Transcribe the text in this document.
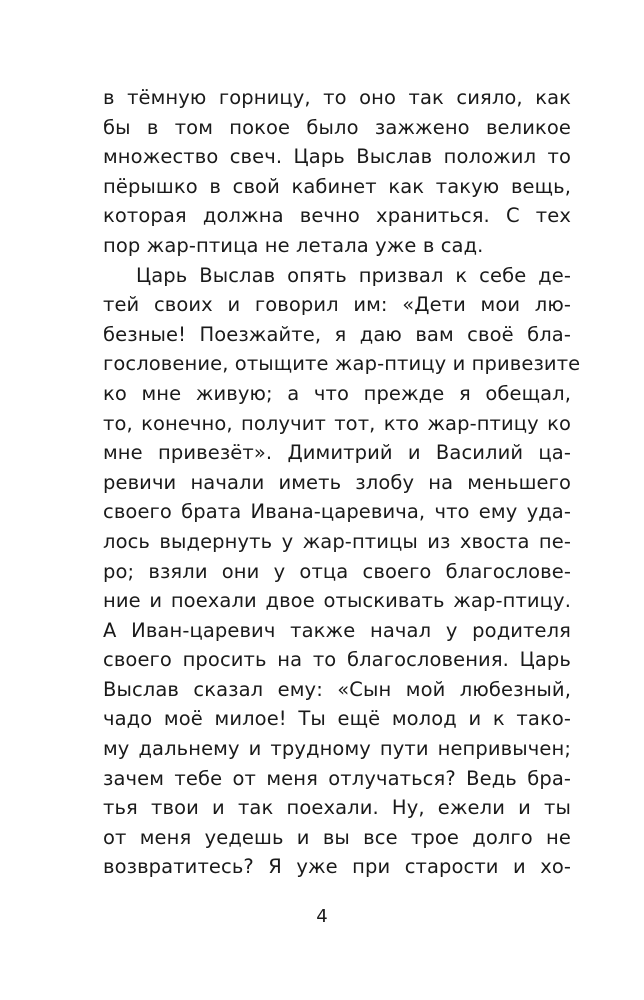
в тёмную горницу, то оно так сияло, как
бы в том покое было зажжено великое
множество свеч. Царь Выслав положил то
пёрышко в свой кабинет как такую вещь,
которая должна вечно храниться. С тех
пор жар-птица не летала уже в сад.
Царь Выслав опять призвал к себе де-
тей своих и говорил им: «Дети мои лю-
безные! Поезжайте, я даю вам своё бла-
гословение, отыщите жар-птицу и привезите
ко мне живую; а что прежде я обещал,
то, конечно, получит тот, кто жар-птицу ко
мне привезёт». Димитрий и Василий ца-
ревичи начали иметь злобу на меньшего
своего брата Ивана-царевича, что ему уда-
лось выдернуть у жар-птицы из хвоста пе-
ро; взяли они у отца своего благослове-
ние и поехали двое отыскивать жар-птицу.
А Иван-царевич также начал у родителя
своего просить на то благословения. Царь
Выслав сказал ему: «Сын мой любезный,
чадо моё милое! Ты ещё молод и к тако-
му дальнему и трудному пути непривычен;
зачем тебе от меня отлучаться? Ведь бра-
тья твои и так поехали. Ну, ежели и ты
от меня уедешь и вы все трое долго не
возвратитесь? Я уже при старости и хо-
4
